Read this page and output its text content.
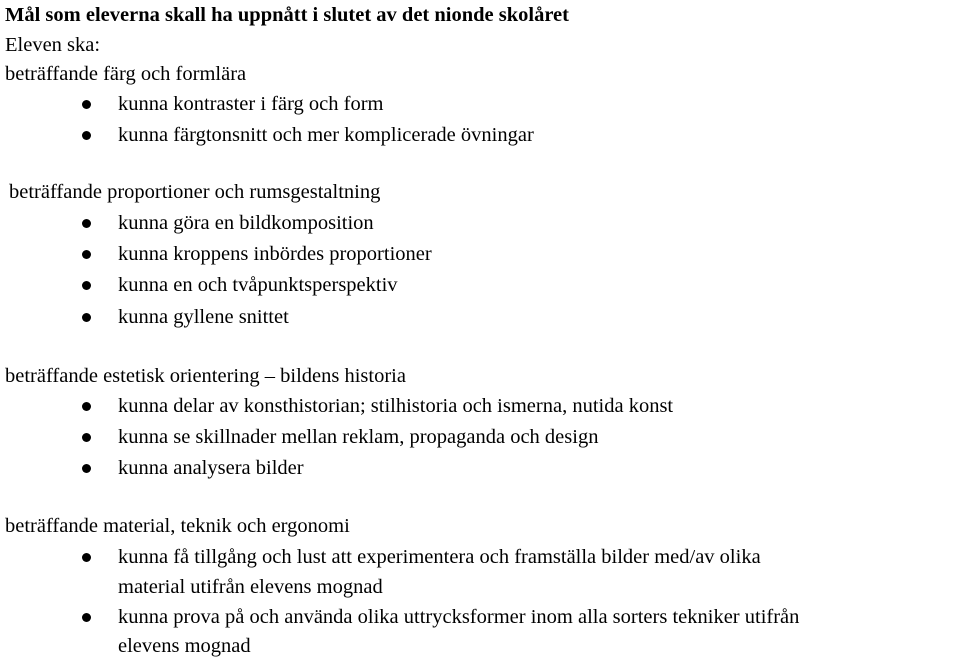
Mål som eleverna skall ha uppnått i slutet av det nionde skolåret
Eleven ska:
beträffande färg och formlära
kunna kontraster i färg och form
kunna färgtonsnitt och mer komplicerade övningar
beträffande proportioner och rumsgestaltning
kunna göra en bildkomposition
kunna kroppens inbördes proportioner
kunna en och tvåpunktsperspektiv
kunna gyllene snittet
beträffande estetisk orientering – bildens historia
kunna delar av konsthistorian; stilhistoria och ismerna, nutida konst
kunna se skillnader mellan reklam, propaganda och design
kunna analysera bilder
beträffande material, teknik och ergonomi
kunna få tillgång och lust att experimentera och framställa bilder med/av olika
material utifrån elevens mognad
kunna prova på och använda olika uttrycksformer inom alla sorters tekniker utifrån
elevens mognad
